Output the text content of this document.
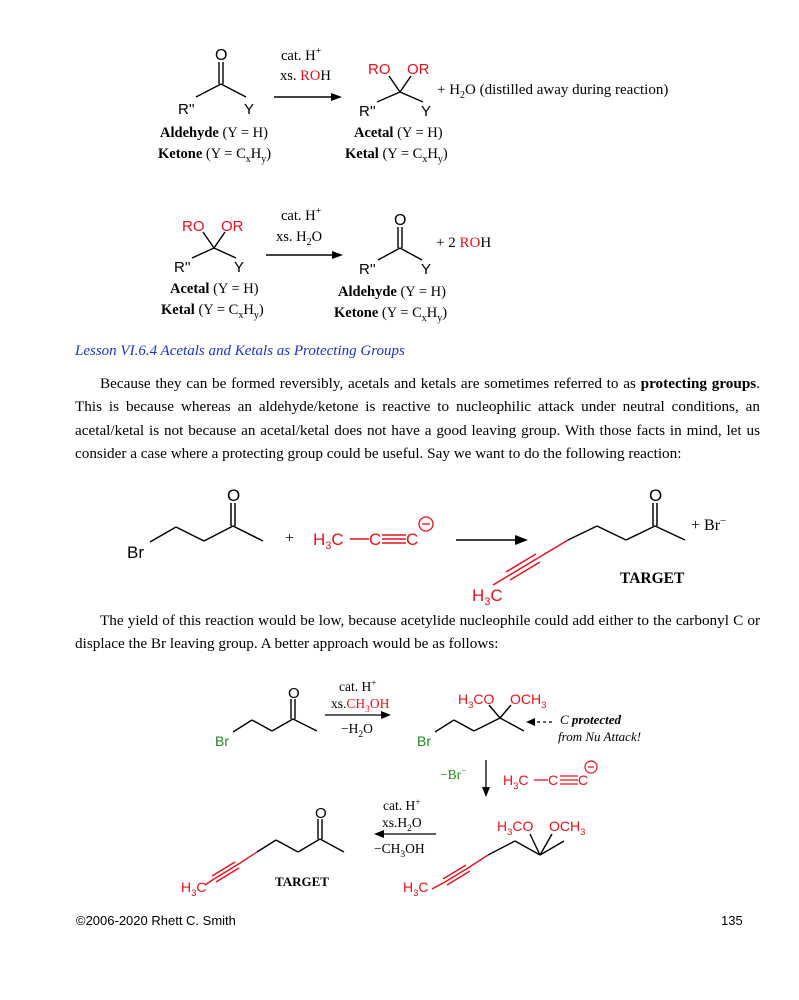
O
R''	Y
Aldehyde (Y = H)
Ketone $(Y = C_xH_y)$
cat. H+
xs. ROH RO OR
R''	Y
+ $H_2O$ (distilled away during reaction)
Acetal (Y = H)
Ketal $(Y = C_xH_y)$
RO OR
R''	Y
Acetal (Y = H)
Ketal $(Y = C_xH_y)$
cat. H+
xs. $H_2O$
O
R''	Y
+ 2 ROH
Aldehyde (Y = H)
Ketone $(Y = C_xH_y)$

Lesson VI.6.4 Acetals and Ketals as Protecting Groups

Because they can be formed reversibly, acetals and ketals are sometimes referred to as protecting groups. This is because whereas an aldehyde/ketone is reactive to nucleophilic attack under neutral conditions, an acetal/ketal is not because an acetal/ketal does not have a good leaving group. With those facts in mind, let us consider a case where a protecting group could be useful. Say we want to do the following reaction:

Br
O
+ $H_3C$ C C
O
$H_3C$
+ Br−
TARGET

The yield of this reaction would be low, because acetylide nucleophile could add either to the carbonyl C or displace the Br leaving group. A better approach would be as follows:

Br
O	cat. H+
$xs.CH_3OH$
$-H_2O$
Br
$H_3CO$ $OCH_3$
C protected
from Nu Attack!
−Br−	$H_3C$ C C
$H_3CO$ $OCH_3$
$H_3C$
cat. H+
$xs.H_2O$
$-CH_3OH$
O
$H_3C$	TARGET
©2006-2020 Rhett C. Smith	135
